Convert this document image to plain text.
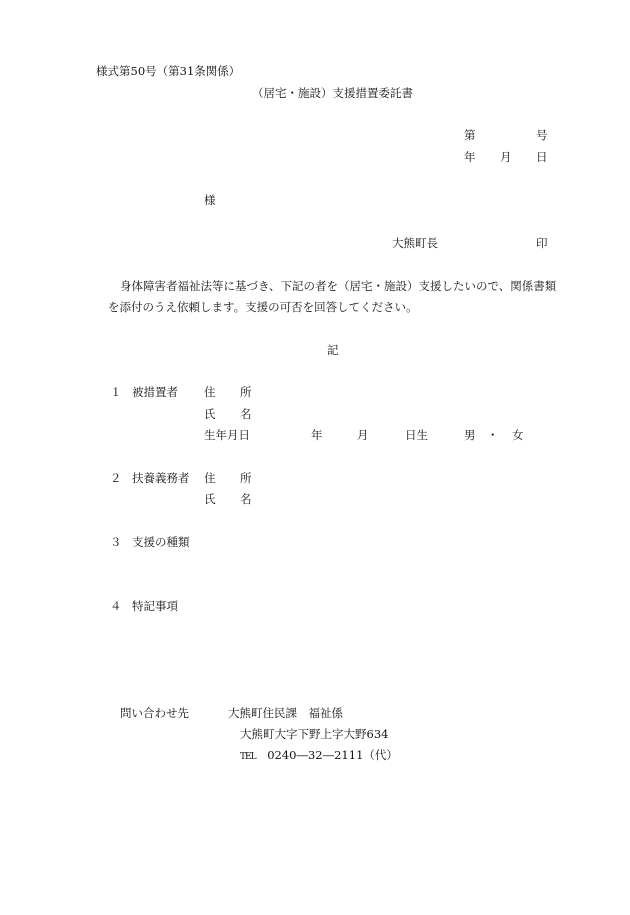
様式第50号（第31条関係）
（居宅・施設）支援措置委託書
第	号
年 月 日
様
大熊町長	印
身体障害者福祉法等に基づき、下記の者を（居宅・施設）支援したいので、関係書類
を添付のうえ依頼します。支援の可否を回答してください。
記
１ 被措置者 住 所
氏 名
生年月日	年	月	日生	男 ・ 女
２ 扶養義務者 住 所
氏 名
３ 支援の種類
４ 特記事項
問い合わせ先	大熊町住民課　福祉係
大熊町大字下野上字大野634
TEL 0240―32―2111（代）
